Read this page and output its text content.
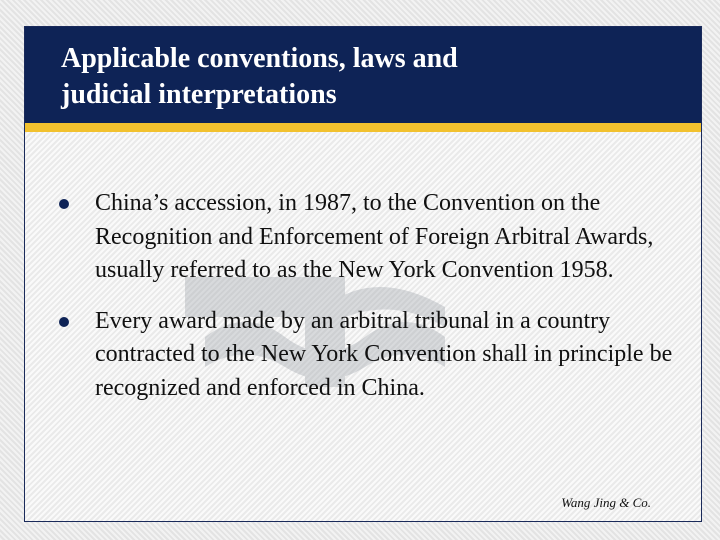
Applicable conventions, laws and
judicial interpretations
China’s accession, in 1987, to the Convention on the Recognition and Enforcement of Foreign Arbitral Awards, usually referred to as the New York Convention 1958.
Every award made by an arbitral tribunal in a country contracted to the New York Convention shall in principle be recognized and enforced in China.
Wang Jing & Co.
